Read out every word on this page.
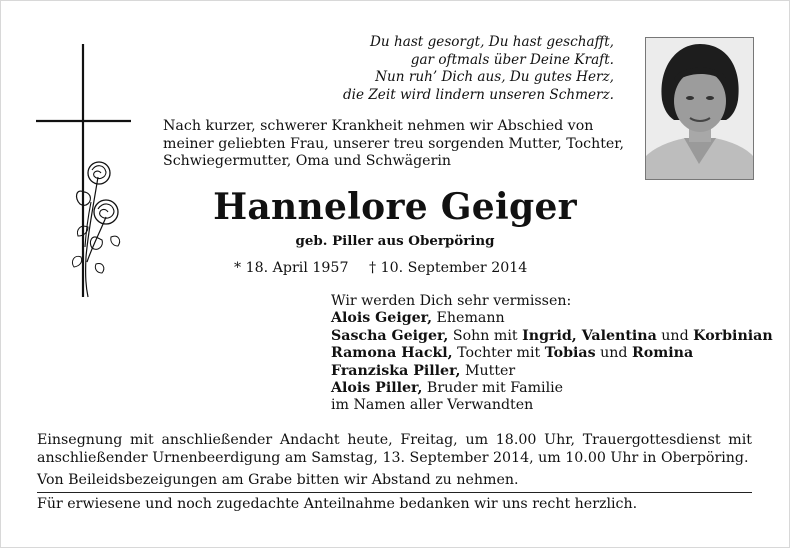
Du hast gesorgt, Du hast geschafft,
gar oftmals über Deine Kraft.
Nun ruh’ Dich aus, Du gutes Herz,
die Zeit wird lindern unseren Schmerz.
Nach kurzer, schwerer Krankheit nehmen wir Abschied von
meiner geliebten Frau, unserer treu sorgenden Mutter, Tochter,
Schwiegermutter, Oma und Schwägerin
Hannelore Geiger
geb. Piller aus Oberpöring
* 18. April 1957 † 10. September 2014
Wir werden Dich sehr vermissen:
Alois Geiger, Ehemann
Sascha Geiger, Sohn mit Ingrid, Valentina und Korbinian
Ramona Hackl, Tochter mit Tobias und Romina
Franziska Piller, Mutter
Alois Piller, Bruder mit Familie
im Namen aller Verwandten
Einsegnung mit anschließender Andacht heute, Freitag, um 18.00 Uhr, Trauergottesdienst mit
anschließender Urnenbeerdigung am Samstag, 13. September 2014, um 10.00 Uhr in Oberpöring.
Von Beileidsbezeigungen am Grabe bitten wir Abstand zu nehmen.
Für erwiesene und noch zugedachte Anteilnahme bedanken wir uns recht herzlich.
